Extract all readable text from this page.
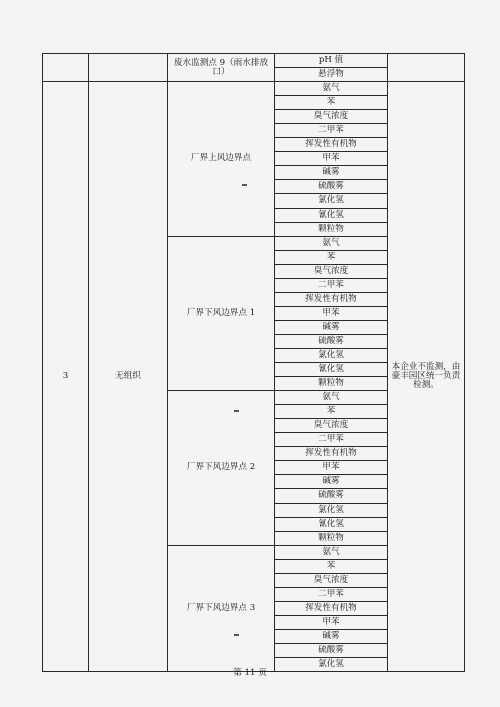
		废水监测点 9（雨水排放口）	pH 值	
			悬浮物	
3	无组织	厂界上风边界点	氨气	本企业不监测，由豪丰园区统一负责检测。
			苯	
			臭气浓度	
			二甲苯	
			挥发性有机物	
			甲苯	
			碱雾	
			硫酸雾	
			氯化氢	
			氰化氢	
			颗粒物	
		厂界下风边界点 1	氨气	
			苯	
			臭气浓度	
			二甲苯	
			挥发性有机物	
			甲苯	
			碱雾	
			硫酸雾	
			氯化氢	
			氰化氢	
			颗粒物	
		厂界下风边界点 2	氨气	
			苯	
			臭气浓度	
			二甲苯	
			挥发性有机物	
			甲苯	
			碱雾	
			硫酸雾	
			氯化氢	
			氰化氢	
			颗粒物	
		厂界下风边界点 3	氨气	
			苯	
			臭气浓度	
			二甲苯	
			挥发性有机物	
			甲苯	
			碱雾	
			硫酸雾	
			氯化氢	
第 11 页
